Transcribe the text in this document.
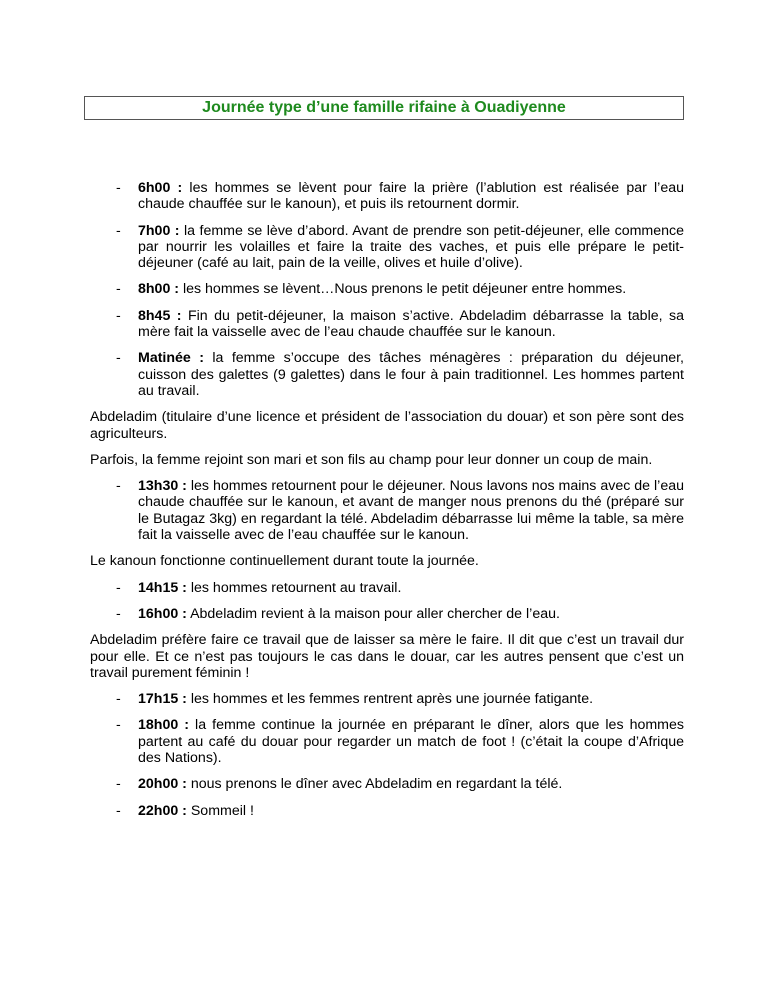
Journée type d’une famille rifaine à Ouadiyenne
- 6h00 : les hommes se lèvent pour faire la prière (l’ablution est réalisée par l’eau chaude chauffée sur le kanoun), et puis ils retournent dormir.
- 7h00 : la femme se lève d’abord. Avant de prendre son petit-déjeuner, elle commence par nourrir les volailles et faire la traite des vaches, et puis elle prépare le petit-déjeuner (café au lait, pain de la veille, olives et huile d’olive).
- 8h00 : les hommes se lèvent…Nous prenons le petit déjeuner entre hommes.
- 8h45 : Fin du petit-déjeuner, la maison s’active. Abdeladim débarrasse la table, sa mère fait la vaisselle avec de l’eau chaude chauffée sur le kanoun.
- Matinée : la femme s’occupe des tâches ménagères : préparation du déjeuner, cuisson des galettes (9 galettes) dans le four à pain traditionnel. Les hommes partent au travail.

Abdeladim (titulaire d’une licence et président de l’association du douar) et son père sont des agriculteurs.

Parfois, la femme rejoint son mari et son fils au champ pour leur donner un coup de main.

- 13h30 : les hommes retournent pour le déjeuner. Nous lavons nos mains avec de l’eau chaude chauffée sur le kanoun, et avant de manger nous prenons du thé (préparé sur le Butagaz 3kg) en regardant la télé. Abdeladim débarrasse lui même la table, sa mère fait la vaisselle avec de l’eau chauffée sur le kanoun.

Le kanoun fonctionne continuellement durant toute la journée.

- 14h15 : les hommes retournent au travail.
- 16h00 : Abdeladim revient à la maison pour aller chercher de l’eau.

Abdeladim préfère faire ce travail que de laisser sa mère le faire. Il dit que c’est un travail dur pour elle. Et ce n’est pas toujours le cas dans le douar, car les autres pensent que c’est un travail purement féminin !

- 17h15 : les hommes et les femmes rentrent après une journée fatigante.
- 18h00 : la femme continue la journée en préparant le dîner, alors que les hommes partent au café du douar pour regarder un match de foot ! (c’était la coupe d’Afrique des Nations).
- 20h00 : nous prenons le dîner avec Abdeladim en regardant la télé.
- 22h00 : Sommeil !
